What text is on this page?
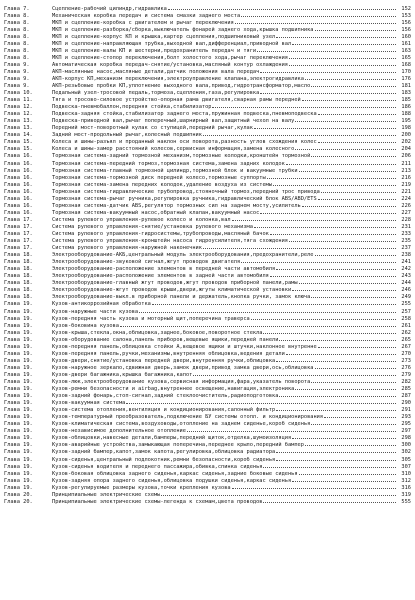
Глава 7.	Сцепление-рабочий цилиндр,гидравлика	152
Глава 8.	Механическая коробка передач и система смазки заднего моста	153
Глава 8.	МКП и сцепление-коробка с двигателем и рычаг переключения	156
Глава 8.	МКП и сцепление-разборка/сборка,выключатель фонарей заднего хода,крышка подшипника	156
Глава 8.	МКП и сцепление-корпус КП и крышка,картер сцепления,подшипниковый узел	160
Глава 8.	МКП и сцепление-направляющая трубка,выходной вал,дифференциал,приводной вал	161
Глава 8.	МКП и сцепление-валы КП и шестерни,предохранитель передач и тяги	163
Глава 8.	МКП и сцепление-стопор переключения,болт холостого хода,рычаг переключения	165
Глава 9.	Автоматическая коробка передач-снятие/установка,масляный контур охлаждения	168
Глава 9.	АКП-маслянные насос,масляные детали,датчик положения вала передач	170
Глава 9.	АКП-корпус КП,механизм переключения,электроуправление клапана,электрогидравлика	176
Глава 9.	АКП-резьбовые пробки КП,уплотнение выходного вала,привод,гидротрансформатор,масло	181
Глава 10.	Педальный узел-тросовой педаль,тормоза,сцепления,газа,регулировка	183
Глава 11.	Тяга и тросово-силовое устройство-опорная рама двигателя,сварная рамы передней	185
Глава 12.	Подвеска-пневмобаллон,передняя стойка,стабилизатор	186
Глава 12.	Подвеска-задняя стойка,стабилизатор заднего моста,пружинная подвеска,пневмоподвеска	188
Глава 13.	Подвеска-приводной вал,рычаг поперечный,шарнирный вал,защитный чехол на валу	195
Глава 13.	Передний мост-поворотный кулак со ступицей,передний рычаг,кулак	198
Глава 14.	Задний мост-продольный рычаг,колесный подшипник	200
Глава 15.	Колеса и шины-разъял и проданный наклон оси поворота,разность углов схождения колес	202
Глава 15.	Колеса и шины-замер расстояний колесов,сервисная информация,замена колесного	204
Глава 16.	Тормозная система-задний тормозной механизм,тормозные колодки,кронштейн тормозной	206
Глава 16.	Тормозная система-передний тормоз,тормозная система,замена задних колодок	211
Глава 16.	Тормозная система-главный тормозной цилиндр,тормозной блок и вакуумные трубки	213
Глава 16.	Тормозная система-тормозной диск передней колесо,тормозные суппорты	216
Глава 16.	Тормозная система-замена передних колодок,удаление воздуха из системы	219
Глава 16.	Тормозная система-гидравлические трубопровод,стояночный тормоз,передний трос привода	221
Глава 16.	Тормозная система-рычаг ручника,регулировка ручника,гидравлический блок ABS/ABD/ETS	224
Глава 16.	Тормозная система-датчик ABS,регулятор тормозных сил на заднем мосту,усилитель	226
Глава 16.	Тормозная система-вакуумный насос,обратный клапан,вакуумный насос	227
Глава 17.	Система рулевого управления-рулевое колесо и колонка,вал	228
Глава 17.	Система рулевого управления-снятие/установка рулевого механизма	231
Глава 17.	Система рулевого управления-гидросистемы,трубопроводы,масляный бачок	233
Глава 17.	Система рулевого управления-кронштейн насоса гидроусилителя,тяга схождения	235
Глава 17.	Система рулевого управления-наружной наконечник	237
Глава 18.	Электрооборудование-АКБ,центральный модуль электрооборудования,предохранители,реле	238
Глава 18.	Электрооборудование-звуковой сигнал,жгут проводов двигателя	241
Глава 18.	Электрооборудование-расположение элементов в передней части автомобиля	242
Глава 18.	Электрооборудование-расположение элементов в задней части автомобиля	243
Глава 18.	Электрооборудование-главный жгут проводов,жгут проводов приборной панели,рамы	244
Глава 18.	Электрооборудование-жгут проводов крыши,двери,жгуты климатической установки	246
Глава 18.	Электрооборудование-выкл.в приборной панели и держатель,кнопка ручки, замок ключа	249
Глава 19.	Кузов-антикоррозийная обработка	255
Глава 19.	Кузов-наружные части кузова	257
Глава 19.	Кузов-передняя часть кузова и моторный щит,поперечина траверса	258
Глава 19.	Кузов-боковина кузова	261
Глава 19.	Кузов-крыша,стекла,окна,облицовка,заднее,боковое,поворотное стекла	262
Глава 19.	Кузов-оборудование салона,панель приборов,вещевые ящики,передней панели	265
Глава 19.	Кузов-передняя панель,облицовка стойки А,вещевое ящики и штучки,наклонное внутренне	267
Глава 19.	Кузов-передняя панель,ручки,механизмы,внутренняя облицовка,ведения детали	270
Глава 19.	Кузов-двери,снятие/установка передней двери,внутренняя ручки,облицовка	273
Глава 19.	Кузов-наружное зеркало,сдвижная дверь,замок двери,привод замка двери,ось,облицовка	276
Глава 19.	Кузов-двери багажника,крышка багажника,капот	279
Глава 19.	Кузов-люк,электрооборудование кузова,сервисная информация,фара,указатель поворота	282
Глава 19.	Кузов-ремни безопасности и airbag,внутреннее освещение,навигация,электроника	285
Глава 19.	Кузов-задний фонарь,стоп-сигнал,задний стеклоочиститель,радиоподготовка	287
Глава 19.	Кузов-вакуумная система	290
Глава 19.	Кузов-система отопления,вентиляция и кондиционирования,салонный фильтр	291
Глава 19.	Кузов-температурный преобразователь,подключение БУ системы отопл. и кондиционирования	293
Глава 19.	Кузов-климатическая система,воздуховоды,отопление на заднем сиденье,короб сиденья	295
Глава 19.	Кузов-независимое дополнительное отопление	297
Глава 19.	Кузов-облицовки,навесные детали,бамперы,передний щиток,отделка,шумоизоляция	298
Глава 19.	Кузов-аварийные устройства,замыкающая поперечина,переднее крыло,передний бампер	300
Глава 19.	Кузов-задний бампер,капот,замок капота,регулировка,облицовка радиатора	302
Глава 19.	Кузов-сиденья,центральный подлокотник,ремни безопасности,короб сиденья	305
Глава 19.	Кузов-сиденья водителя и переднего пассажира,обивка,спинка сиденья	307
Глава 19.	Кузов-боковая облицовка заднего сиденья,каркас сиденья,задние боковые сиденья	310
Глава 19.	Кузов-задняя опора заднего сиденья,облицовка подушки сиденья,каркас сиденья	312
Глава 19.	Кузов-регулируемые размеры кузова,точки крепления кузова	316
Глава 20.	Принципиальные электрические схемы	319
Глава 20.	Принципиальные электрические схемы-легенда к схемам,цвета проводов	555
